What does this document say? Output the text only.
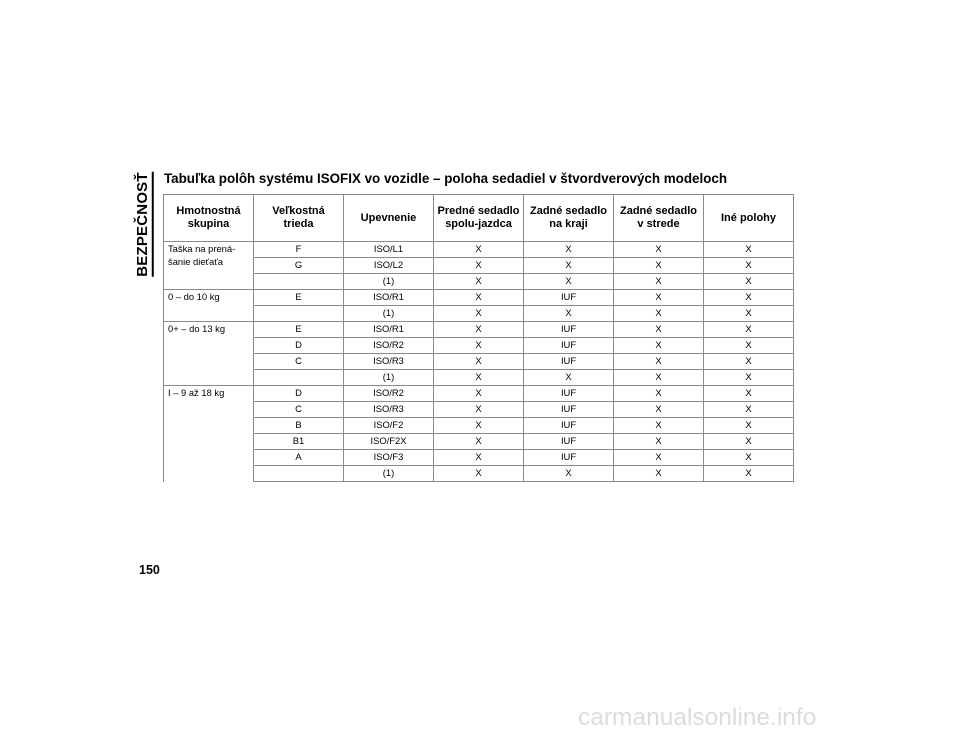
BEZPEČNOSŤ Tabuľka polôh systému ISOFIX vo vozidle – poloha sedadiel v štvordverových modeloch
Hmotnostná skupina	Veľkostná trieda	Upevnenie	Predné sedadlo spolu-jazdca	Zadné sedadlo na kraji	Zadné sedadlo v strede	Iné polohy
Taška na prená-šanie dieťaťa	F	ISO/L1	X	X	X	X
	G	ISO/L2	X	X	X	X
		(1)	X	X	X	X
0 – do 10 kg	E	ISO/R1	X	IUF	X	X
		(1)	X	X	X	X
0+ – do 13 kg	E	ISO/R1	X	IUF	X	X
	D	ISO/R2	X	IUF	X	X
	C	ISO/R3	X	IUF	X	X
		(1)	X	X	X	X
I – 9 až 18 kg	D	ISO/R2	X	IUF	X	X
	C	ISO/R3	X	IUF	X	X
	B	ISO/F2	X	IUF	X	X
	B1	ISO/F2X	X	IUF	X	X
	A	ISO/F3	X	IUF	X	X
		(1)	X	X	X	X
150
carmanualsonline.info
